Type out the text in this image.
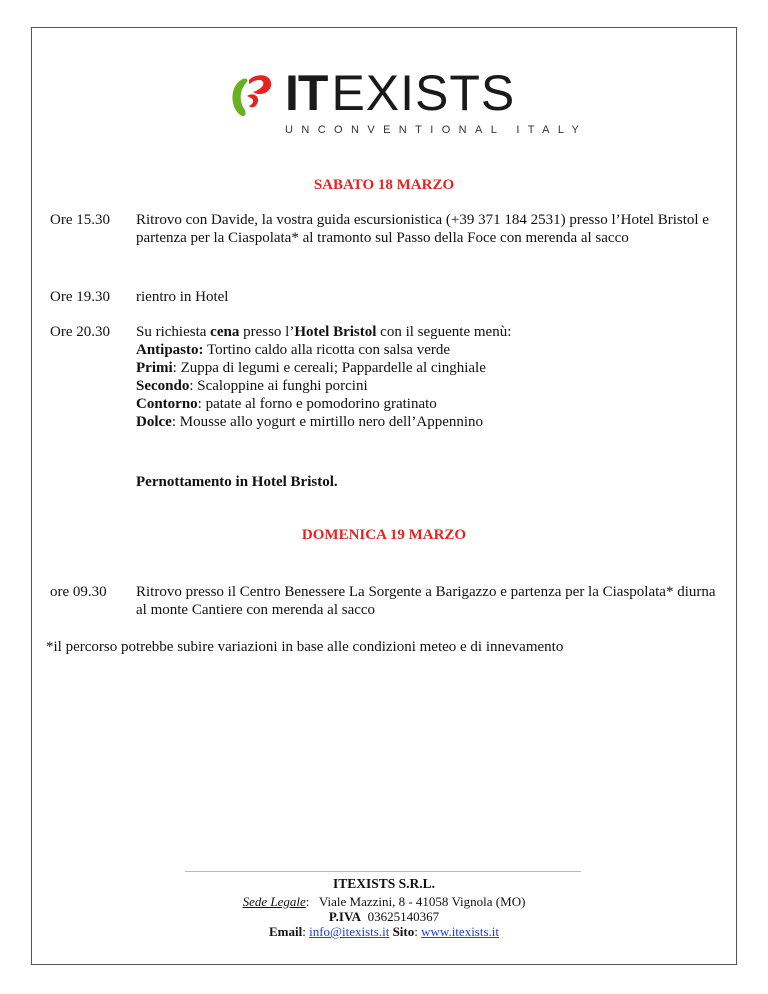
ITEXISTS
UNCONVENTIONAL ITALY
SABATO 18 MARZO
Ore 15.30	Ritrovo con Davide, la vostra guida escursionistica (+39 371 184 2531) presso l’Hotel Bristol e partenza per la Ciaspolata* al tramonto sul Passo della Foce con merenda al sacco
Ore 19.30	rientro in Hotel
Ore 20.30	Su richiesta cena presso l’Hotel Bristol con il seguente menù:
Antipasto: Tortino caldo alla ricotta con salsa verde
Primi: Zuppa di legumi e cereali; Pappardelle al cinghiale
Secondo: Scaloppine ai funghi porcini
Contorno: patate al forno e pomodorino gratinato
Dolce: Mousse allo yogurt e mirtillo nero dell’Appennino
Pernottamento in Hotel Bristol.
DOMENICA 19 MARZO
ore 09.30	Ritrovo presso il Centro Benessere La Sorgente a Barigazzo e partenza per la Ciaspolata* diurna al monte Cantiere con merenda al sacco
*il percorso potrebbe subire variazioni in base alle condizioni meteo e di innevamento
ITEXISTS S.R.L.
Sede Legale: Viale Mazzini, 8 - 41058 Vignola (MO)
P.IVA 03625140367
Email: info@itexists.it Sito: www.itexists.it
